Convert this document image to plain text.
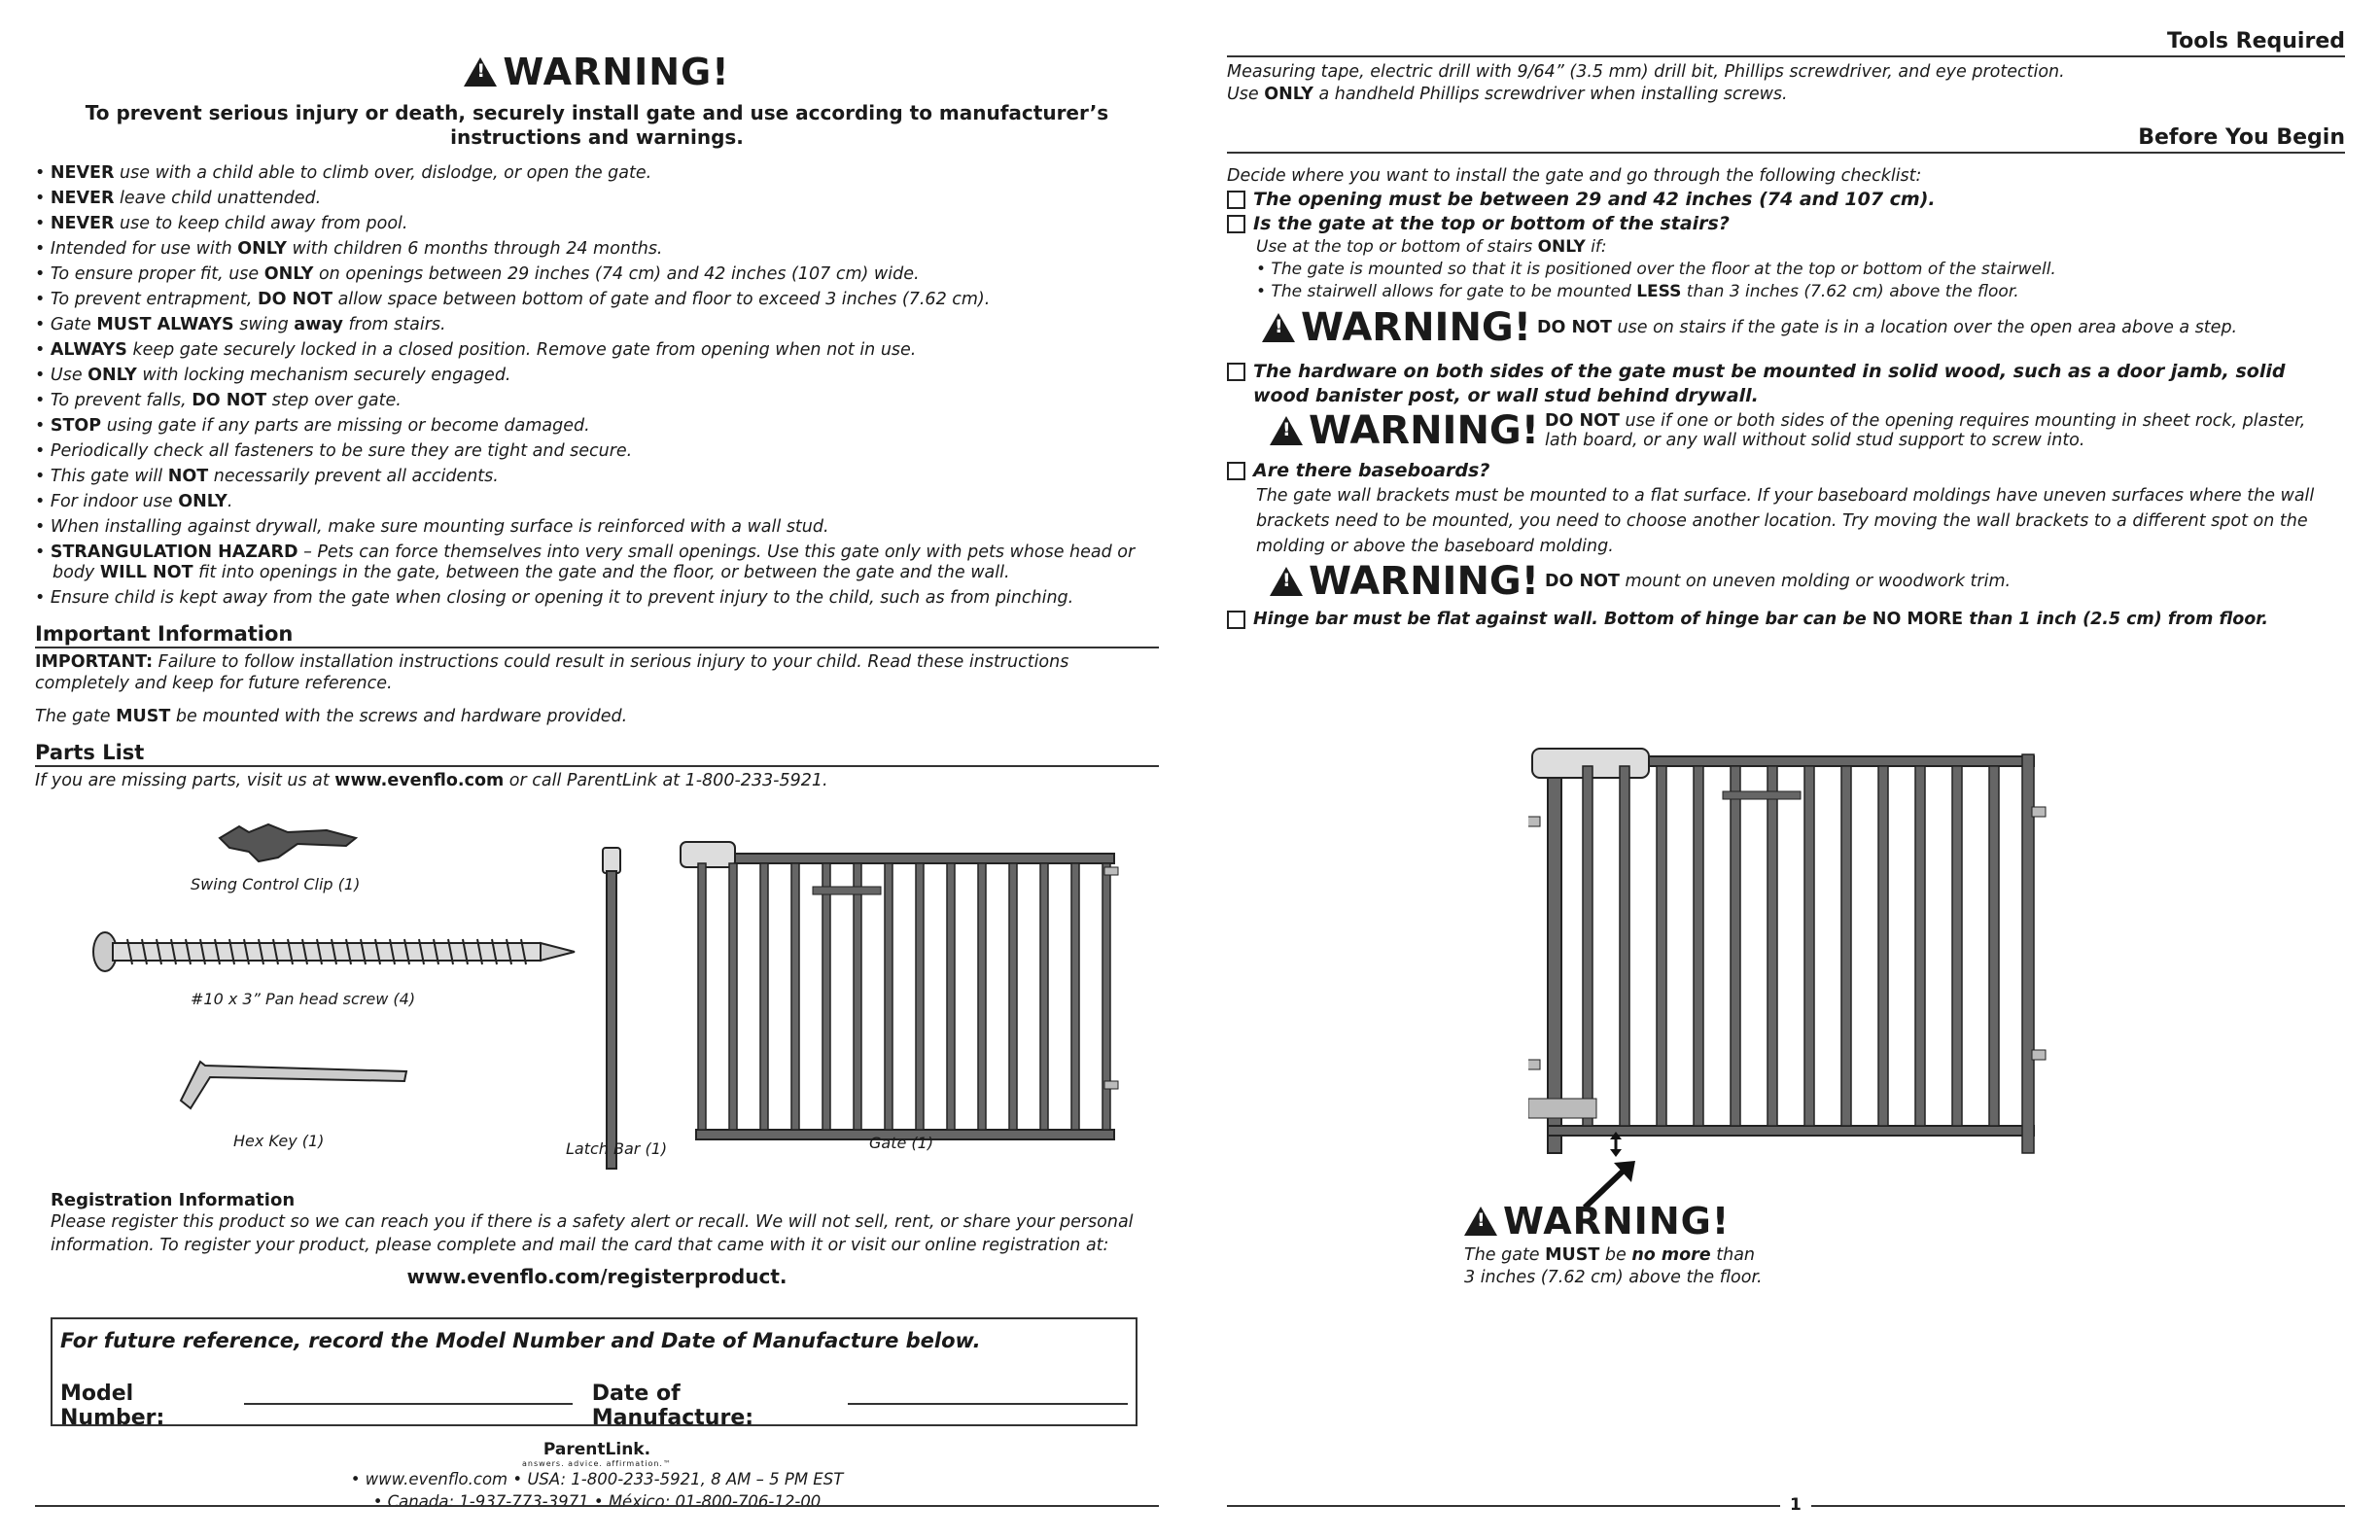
!
WARNING!
To prevent serious injury or death, securely install gate and use according to manufacturer’s instructions and warnings.
• NEVER use with a child able to climb over, dislodge, or open the gate.
• NEVER leave child unattended.
• NEVER use to keep child away from pool.
• Intended for use with ONLY with children 6 months through 24 months.
• To ensure proper fit, use ONLY on openings between 29 inches (74 cm) and 42 inches (107 cm) wide.
• To prevent entrapment, DO NOT allow space between bottom of gate and floor to exceed 3 inches (7.62 cm).
• Gate MUST ALWAYS swing away from stairs.
• ALWAYS keep gate securely locked in a closed position. Remove gate from opening when not in use.
• Use ONLY with locking mechanism securely engaged.
• To prevent falls, DO NOT step over gate.
• STOP using gate if any parts are missing or become damaged.
• Periodically check all fasteners to be sure they are tight and secure.
• This gate will NOT necessarily prevent all accidents.
• For indoor use ONLY.
• When installing against drywall, make sure mounting surface is reinforced with a wall stud.
• STRANGULATION HAZARD – Pets can force themselves into very small openings. Use this gate only with pets whose head or body WILL NOT fit into openings in the gate, between the gate and the floor, or between the gate and the wall.
• Ensure child is kept away from the gate when closing or opening it to prevent injury to the child, such as from pinching.
Important Information
IMPORTANT: Failure to follow installation instructions could result in serious injury to your child. Read these instructions completely and keep for future reference.
The gate MUST be mounted with the screws and hardware provided.
Parts List
If you are missing parts, visit us at www.evenflo.com or call ParentLink at 1-800-233-5921.
Swing Control Clip (1)
#10 x 3” Pan head screw (4)
Hex Key (1)	Latch Bar (1)	Gate (1)
Registration Information
Please register this product so we can reach you if there is a safety alert or recall. We will not sell, rent, or share your personal information. To register your product, please complete and mail the card that came with it or visit our online registration at:
www.evenflo.com/registerproduct.
For future reference, record the Model Number and Date of Manufacture below.
Model Number:
Date of Manufacture:
ParentLink.
answers. advice. affirmation.™
• www.evenflo.com • USA: 1-800-233-5921, 8 AM – 5 PM EST
• Canada: 1-937-773-3971 • México: 01-800-706-12-00
Tools Required
Measuring tape, electric drill with 9/64” (3.5 mm) drill bit, Phillips screwdriver, and eye protection.
Use ONLY a handheld Phillips screwdriver when installing screws.
Before You Begin
Decide where you want to install the gate and go through the following checklist:
The opening must be between 29 and 42 inches (74 and 107 cm).
Is the gate at the top or bottom of the stairs?
Use at the top or bottom of stairs ONLY if:
• The gate is mounted so that it is positioned over the floor at the top or bottom of the stairwell.
• The stairwell allows for gate to be mounted LESS than 3 inches (7.62 cm) above the floor.
!
WARNING! DO NOT use on stairs if the gate is in a location over the open area above a step.
The hardware on both sides of the gate must be mounted in solid wood, such as a door jamb, solid wood banister post, or wall stud behind drywall.
!
WARNING! DO NOT use if one or both sides of the opening requires mounting in sheet rock, plaster, lath board, or any wall without solid stud support to screw into.
Are there baseboards?
The gate wall brackets must be mounted to a flat surface. If your baseboard moldings have uneven surfaces where the wall brackets need to be mounted, you need to choose another location. Try moving the wall brackets to a different spot on the molding or above the baseboard molding.
!
WARNING! DO NOT mount on uneven molding or woodwork trim.
Hinge bar must be flat against wall. Bottom of hinge bar can be NO MORE than 1 inch (2.5 cm) from floor.
!
WARNING!
The gate MUST be no more than
3 inches (7.62 cm) above the floor.
1
